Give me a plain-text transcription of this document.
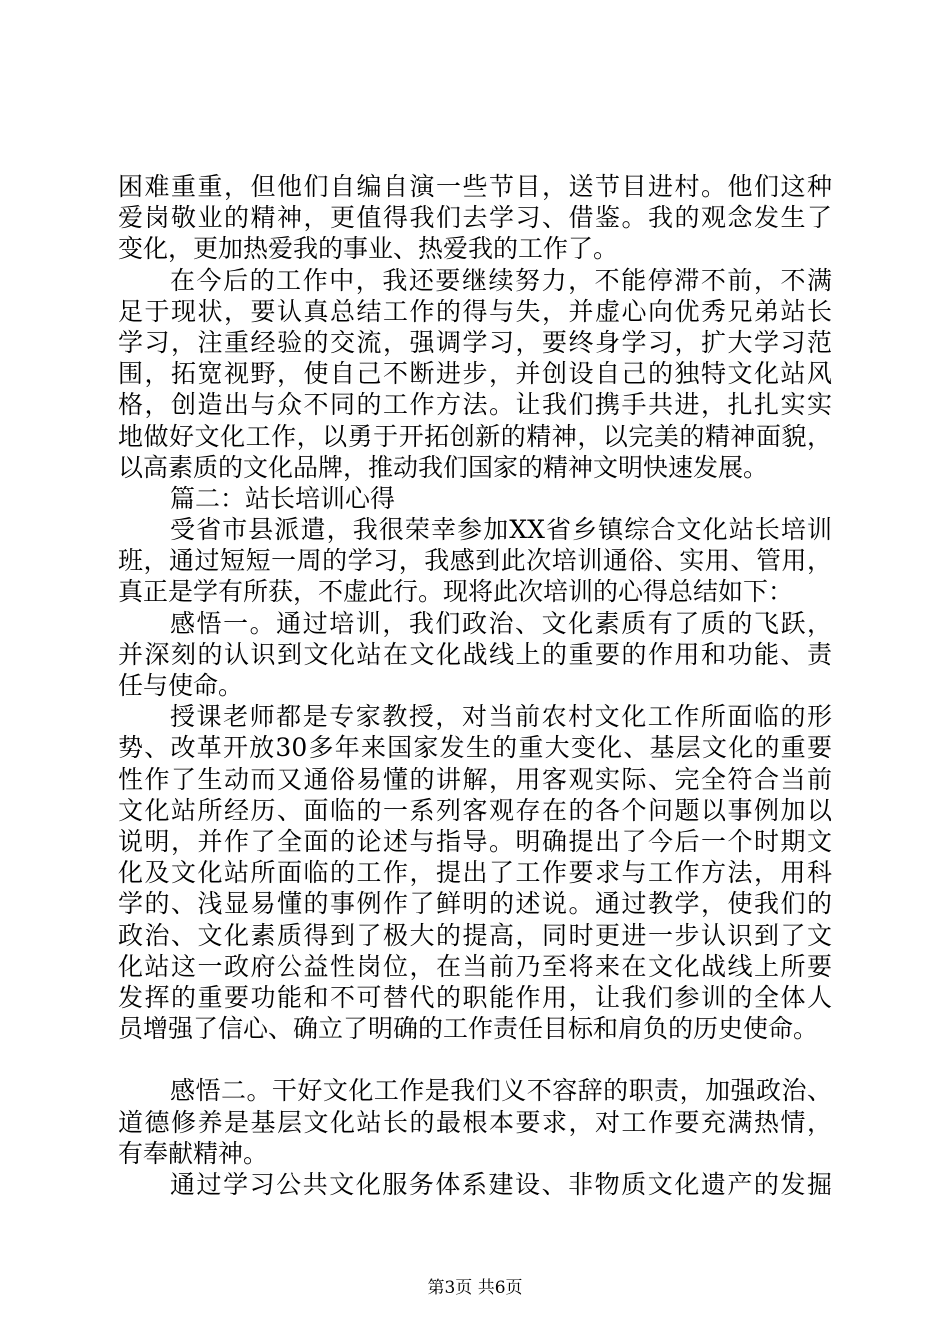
困难重重，但他们自编自演一些节目，送节目进村。他们这种
爱岗敬业的精神，更值得我们去学习、借鉴。我的观念发生了
变化，更加热爱我的事业、热爱我的工作了。
在今后的工作中，我还要继续努力，不能停滞不前，不满
足于现状，要认真总结工作的得与失，并虚心向优秀兄弟站长
学习，注重经验的交流，强调学习，要终身学习，扩大学习范
围，拓宽视野，使自己不断进步，并创设自己的独特文化站风
格，创造出与众不同的工作方法。让我们携手共进，扎扎实实
地做好文化工作，以勇于开拓创新的精神，以完美的精神面貌，
以高素质的文化品牌，推动我们国家的精神文明快速发展。
篇二：站长培训心得
受省市县派遣，我很荣幸参加XX省乡镇综合文化站长培训
班，通过短短一周的学习，我感到此次培训通俗、实用、管用，
真正是学有所获，不虚此行。现将此次培训的心得总结如下：
感悟一。通过培训，我们政治、文化素质有了质的飞跃，
并深刻的认识到文化站在文化战线上的重要的作用和功能、责
任与使命。
授课老师都是专家教授，对当前农村文化工作所面临的形
势、改革开放30多年来国家发生的重大变化、基层文化的重要
性作了生动而又通俗易懂的讲解，用客观实际、完全符合当前
文化站所经历、面临的一系列客观存在的各个问题以事例加以
说明，并作了全面的论述与指导。明确提出了今后一个时期文
化及文化站所面临的工作，提出了工作要求与工作方法，用科
学的、浅显易懂的事例作了鲜明的述说。通过教学，使我们的
政治、文化素质得到了极大的提高，同时更进一步认识到了文
化站这一政府公益性岗位，在当前乃至将来在文化战线上所要
发挥的重要功能和不可替代的职能作用，让我们参训的全体人
员增强了信心、确立了明确的工作责任目标和肩负的历史使命。
感悟二。干好文化工作是我们义不容辞的职责，加强政治、
道德修养是基层文化站长的最根本要求，对工作要充满热情，
有奉献精神。
通过学习公共文化服务体系建设、非物质文化遗产的发掘
第3页 共6页
